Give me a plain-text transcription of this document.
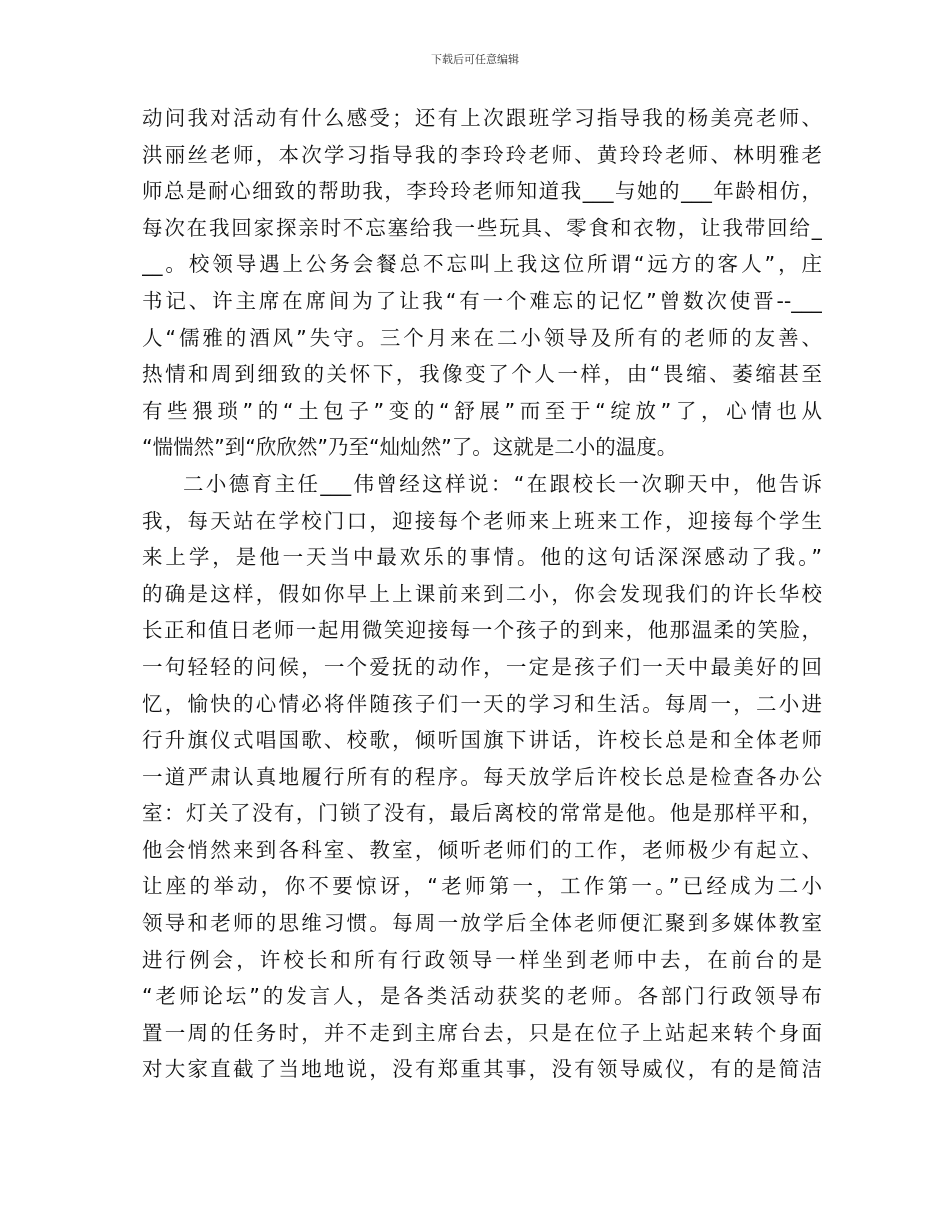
下载后可任意编辑
动问我对活动有什么感受；还有上次跟班学习指导我的杨美亮老师、
洪丽丝老师，本次学习指导我的李玲玲老师、黄玲玲老师、林明雅老
师总是耐心细致的帮助我，李玲玲老师知道我___与她的___年龄相仿，
每次在我回家探亲时不忘塞给我一些玩具、零食和衣物，让我带回给_
__。校领导遇上公务会餐总不忘叫上我这位所谓“远方的客人”，庄
书记、许主席在席间为了让我“有一个难忘的记忆”曾数次使晋--___
人“儒雅的酒风”失守。三个月来在二小领导及所有的老师的友善、
热情和周到细致的关怀下，我像变了个人一样，由“畏缩、萎缩甚至
有些猥琐”的“土包子”变的“舒展”而至于“绽放”了，心情也从
“惴惴然”到“欣欣然”乃至“灿灿然”了。这就是二小的温度。
二小德育主任___伟曾经这样说：“在跟校长一次聊天中，他告诉
我，每天站在学校门口，迎接每个老师来上班来工作，迎接每个学生
来上学，是他一天当中最欢乐的事情。他的这句话深深感动了我。”
的确是这样，假如你早上上课前来到二小，你会发现我们的许长华校
长正和值日老师一起用微笑迎接每一个孩子的到来，他那温柔的笑脸，
一句轻轻的问候，一个爱抚的动作，一定是孩子们一天中最美好的回
忆，愉快的心情必将伴随孩子们一天的学习和生活。每周一，二小进
行升旗仪式唱国歌、校歌，倾听国旗下讲话，许校长总是和全体老师
一道严肃认真地履行所有的程序。每天放学后许校长总是检查各办公
室：灯关了没有，门锁了没有，最后离校的常常是他。他是那样平和，
他会悄然来到各科室、教室，倾听老师们的工作，老师极少有起立、
让座的举动，你不要惊讶，“老师第一，工作第一。”已经成为二小
领导和老师的思维习惯。每周一放学后全体老师便汇聚到多媒体教室
进行例会，许校长和所有行政领导一样坐到老师中去，在前台的是
“老师论坛”的发言人，是各类活动获奖的老师。各部门行政领导布
置一周的任务时，并不走到主席台去，只是在位子上站起来转个身面
对大家直截了当地地说，没有郑重其事，没有领导威仪，有的是简洁
